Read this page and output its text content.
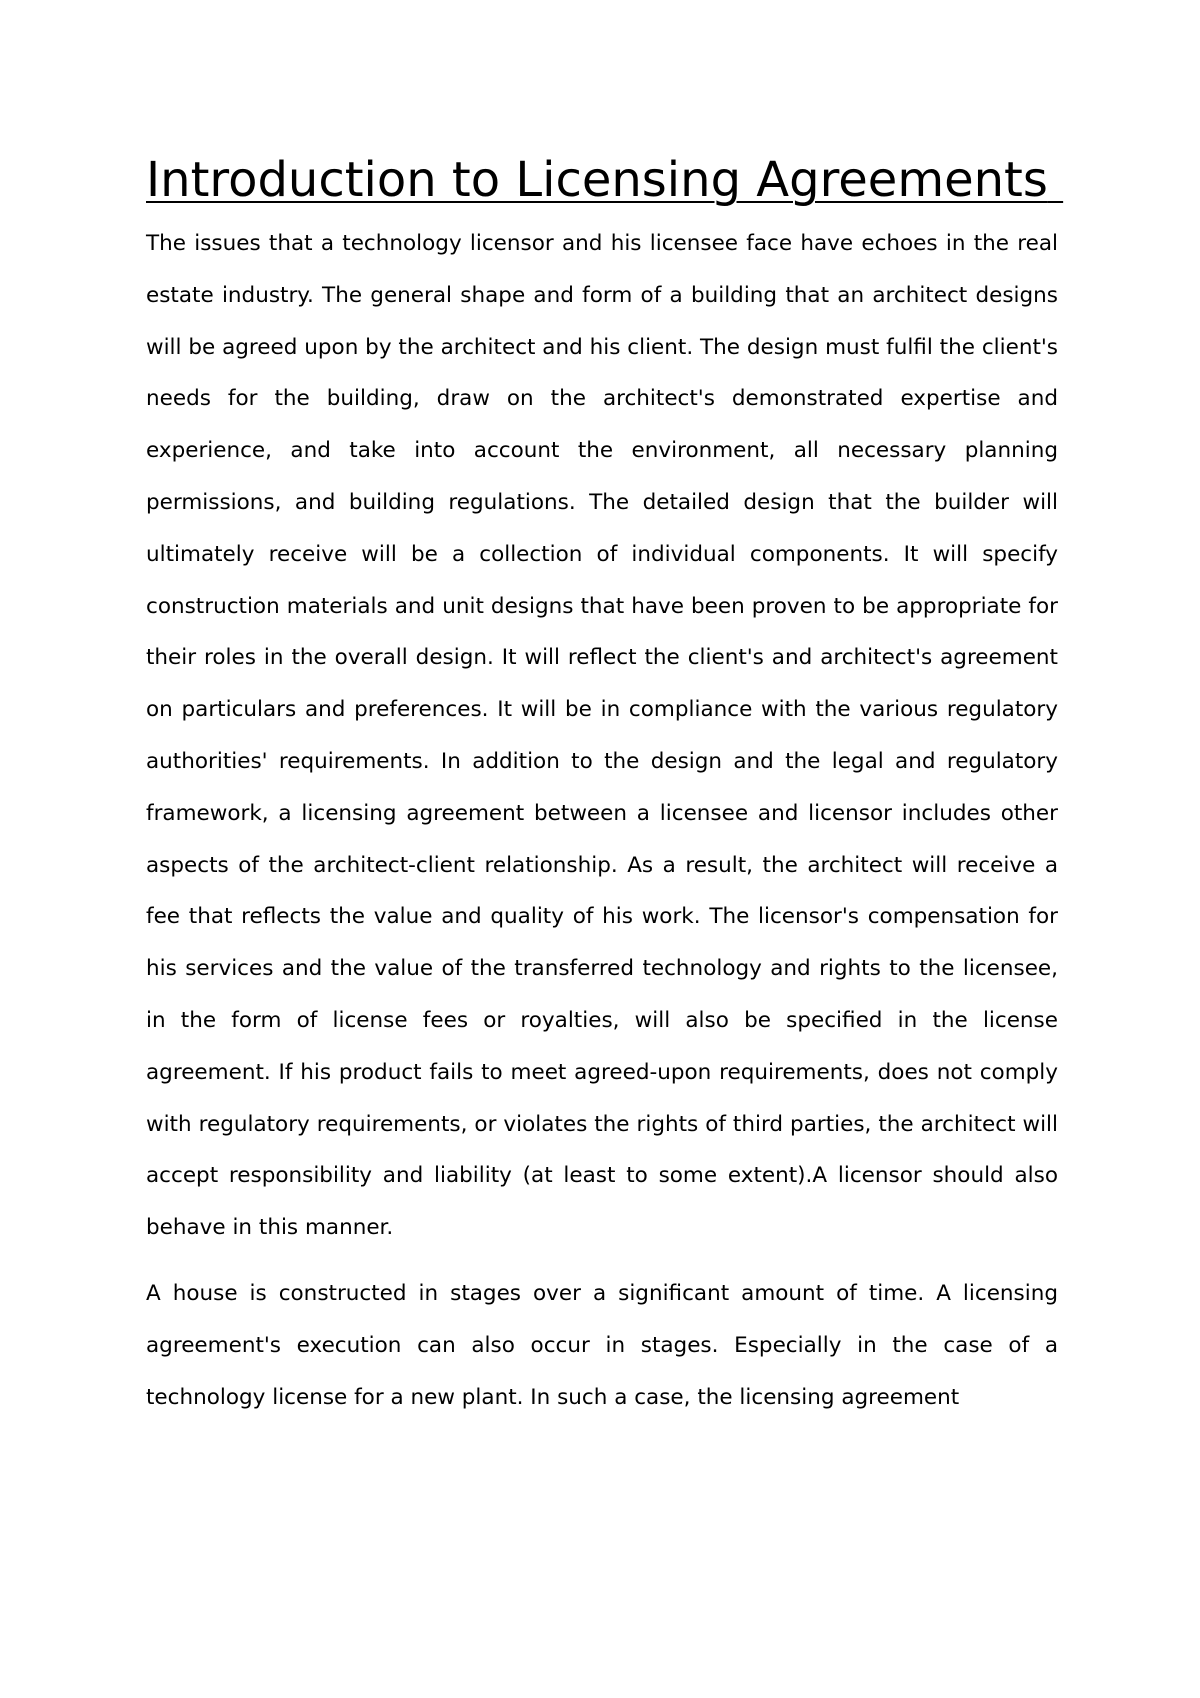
Introduction to Licensing Agreements

The issues that a technology licensor and his licensee face have echoes in the real estate industry. The general shape and form of a building that an architect designs will be agreed upon by the architect and his client. The design must fulfil the client's needs for the building, draw on the architect's demonstrated expertise and experience, and take into account the environment, all necessary planning permissions, and building regulations. The detailed design that the builder will ultimately receive will be a collection of individual components. It will specify construction materials and unit designs that have been proven to be appropriate for their roles in the overall design. It will reflect the client's and architect's agreement on particulars and preferences. It will be in compliance with the various regulatory authorities' requirements. In addition to the design and the legal and regulatory framework, a licensing agreement between a licensee and licensor includes other aspects of the architect-client relationship. As a result, the architect will receive a fee that reflects the value and quality of his work. The licensor's compensation for his services and the value of the transferred technology and rights to the licensee, in the form of license fees or royalties, will also be specified in the license agreement. If his product fails to meet agreed-upon requirements, does not comply with regulatory requirements, or violates the rights of third parties, the architect will accept responsibility and liability (at least to some extent).A licensor should also behave in this manner.

A house is constructed in stages over a significant amount of time. A licensing agreement's execution can also occur in stages. Especially in the case of a technology license for a new plant. In such a case, the licensing agreement
